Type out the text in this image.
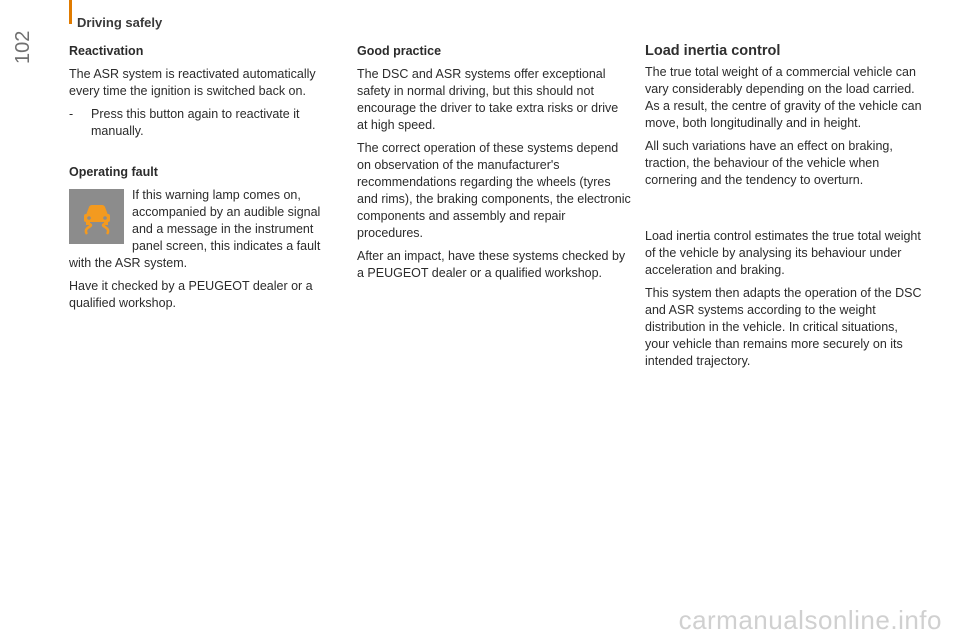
Driving safely
102	Reactivation

The ASR system is reactivated automatically every time the ignition is switched back on.

-	Press this button again to reactivate it manually.
Operating fault

If this warning lamp comes on, accompanied by an audible signal and a message in the instrument panel screen, this indicates a fault with the ASR system.

Have it checked by a PEUGEOT dealer or a qualified workshop.

Good practice

The DSC and ASR systems offer exceptional safety in normal driving, but this should not encourage the driver to take extra risks or drive at high speed.

The correct operation of these systems depend on observation of the manufacturer's recommendations regarding the wheels (tyres and rims), the braking components, the electronic components and assembly and repair procedures.

After an impact, have these systems checked by a PEUGEOT dealer or a qualified workshop.

Load inertia control

The true total weight of a commercial vehicle can vary considerably depending on the load carried. As a result, the centre of gravity of the vehicle can move, both longitudinally and in height.

All such variations have an effect on braking, traction, the behaviour of the vehicle when cornering and the tendency to overturn.

Load inertia control estimates the true total weight of the vehicle by analysing its behaviour under acceleration and braking.

This system then adapts the operation of the DSC and ASR systems according to the weight distribution in the vehicle. In critical situations, your vehicle than remains more securely on its intended trajectory.

carmanualsonline.info
